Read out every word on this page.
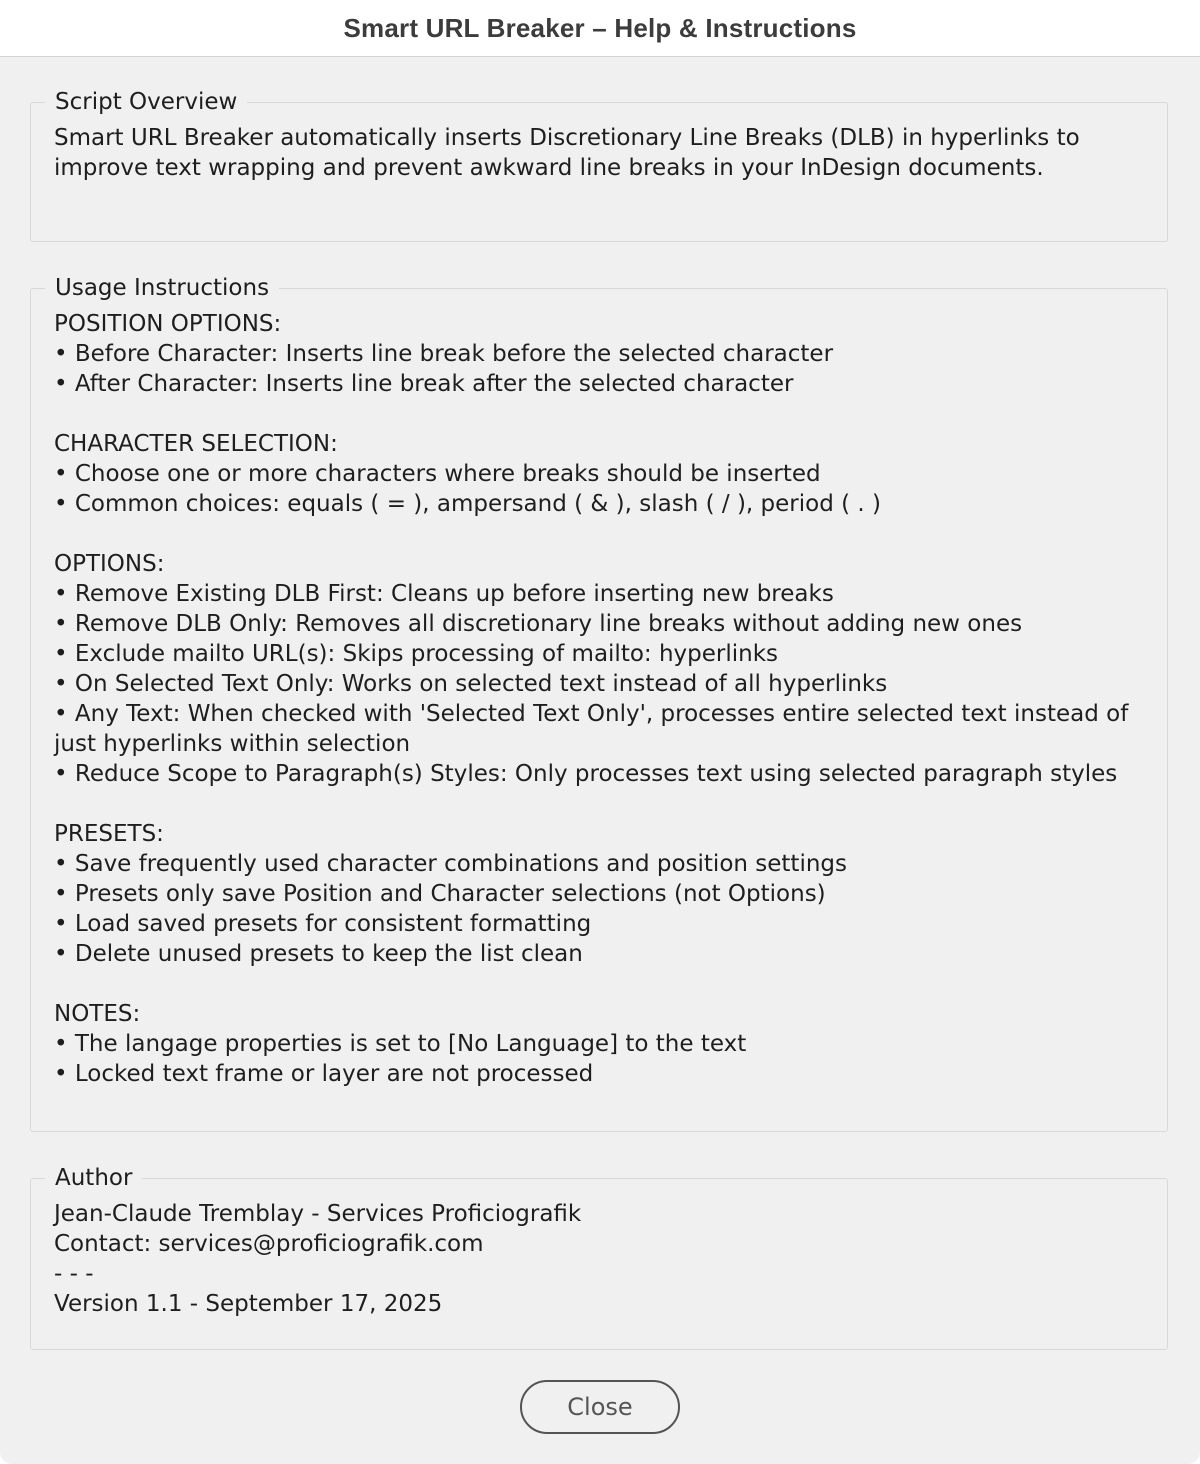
Smart URL Breaker – Help & Instructions
Script Overview
Smart URL Breaker automatically inserts Discretionary Line Breaks (DLB) in hyperlinks to improve text wrapping and prevent awkward line breaks in your InDesign documents.
Usage Instructions
POSITION OPTIONS:
• Before Character: Inserts line break before the selected character
• After Character: Inserts line break after the selected character
CHARACTER SELECTION:
• Choose one or more characters where breaks should be inserted
• Common choices: equals ( = ), ampersand ( & ), slash ( / ), period ( . )
OPTIONS:
• Remove Existing DLB First: Cleans up before inserting new breaks
• Remove DLB Only: Removes all discretionary line breaks without adding new ones
• Exclude mailto URL(s): Skips processing of mailto: hyperlinks
• On Selected Text Only: Works on selected text instead of all hyperlinks
• Any Text: When checked with 'Selected Text Only', processes entire selected text instead of just hyperlinks within selection
• Reduce Scope to Paragraph(s) Styles: Only processes text using selected paragraph styles
PRESETS:
• Save frequently used character combinations and position settings
• Presets only save Position and Character selections (not Options)
• Load saved presets for consistent formatting
• Delete unused presets to keep the list clean
NOTES:
• The langage properties is set to [No Language] to the text
• Locked text frame or layer are not processed
Author
Jean-Claude Tremblay - Services Proficiografik
Contact: services@proficiografik.com
- - -
Version 1.1 - September 17, 2025
Close
